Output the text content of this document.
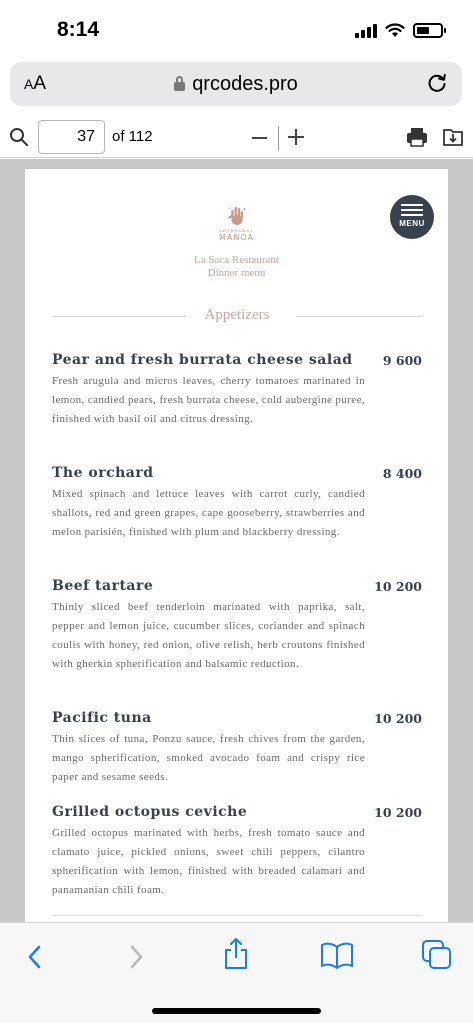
8:14
AA	qrcodes.pro
37	of 112
ARTESANAL
MANOA
La Saca Restaurant
Dinner menu
MENU
Appetizers
Pear and fresh burrata cheese salad	9 600
Fresh arugula and micros leaves, cherry tomatoes marinated in lemon, candied pears, fresh burrata cheese, cold aubergine puree, finished with basil oil and citrus dressing.
The orchard	8 400
Mixed spinach and lettuce leaves with carrot curly, candied shallots, red and green grapes, cape gooseberry, strawberries and melon parisién, finished with plum and blackberry dressing.
Beef tartare	10 200
Thinly sliced beef tenderloin marinated with paprika, salt, pepper and lemon juice, cucumber slices, coriander and spinach coulis with honey, red onion, olive relish, herb croutons finished with gherkin spherification and balsamic reduction.
Pacific tuna	10 200
Thin slices of tuna, Ponzu sauce, fresh chives from the garden, mango spherification, smoked avocado foam and crispy rice paper and sesame seeds.
Grilled octopus ceviche	10 200
Grilled octopus marinated with herbs, fresh tomato sauce and clamato juice, pickled onions, sweet chili peppers, cilantro spherification with lemon, finished with breaded calamari and panamanian chili foam.
